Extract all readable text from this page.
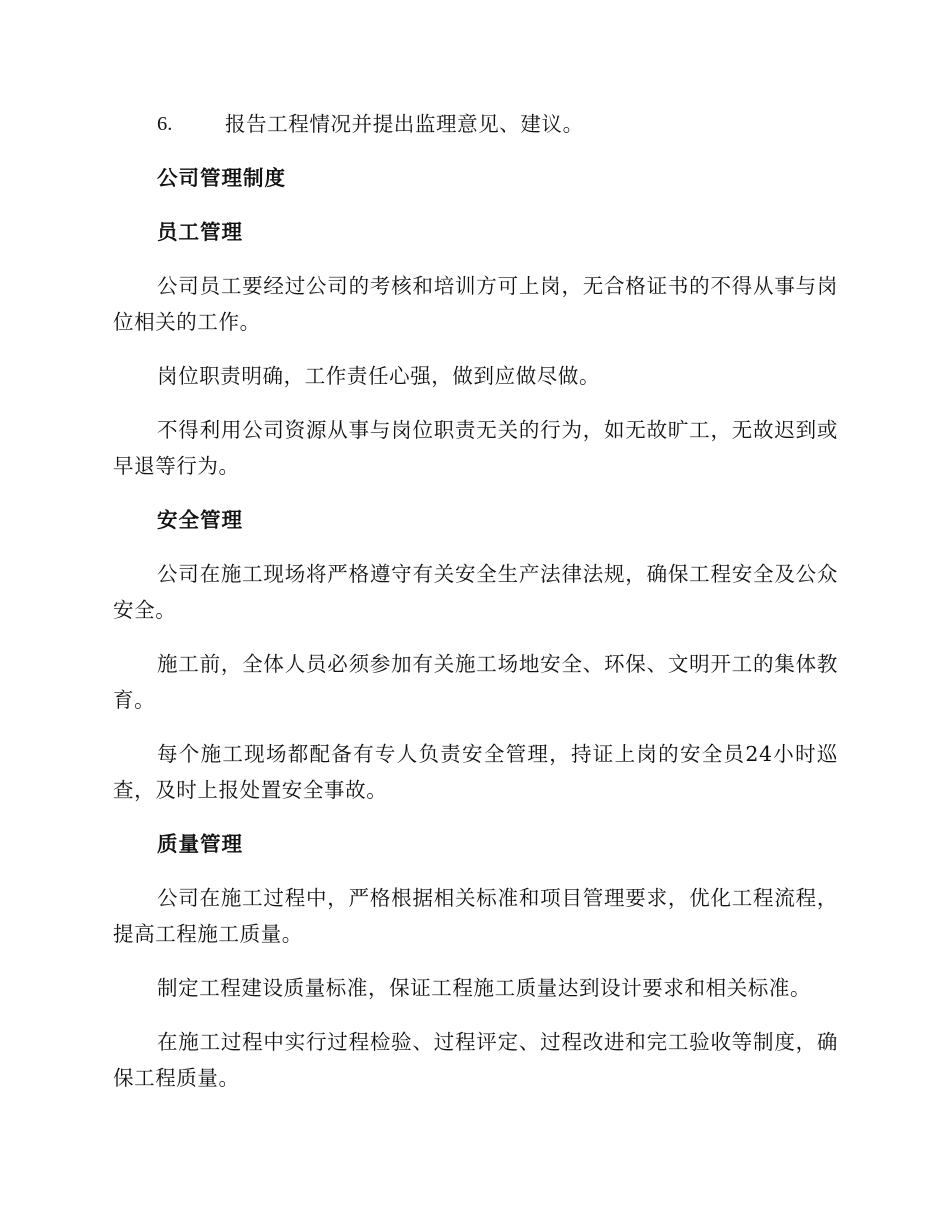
6.	报告工程情况并提出监理意见、建议。
公司管理制度
员工管理

公司员工要经过公司的考核和培训方可上岗，无合格证书的不得从事与岗位相关的工作。

岗位职责明确，工作责任心强，做到应做尽做。

不得利用公司资源从事与岗位职责无关的行为，如无故旷工，无故迟到或早退等行为。

安全管理

公司在施工现场将严格遵守有关安全生产法律法规，确保工程安全及公众安全。

施工前，全体人员必须参加有关施工场地安全、环保、文明开工的集体教育。

每个施工现场都配备有专人负责安全管理，持证上岗的安全员24小时巡查，及时上报处置安全事故。

质量管理

公司在施工过程中，严格根据相关标准和项目管理要求，优化工程流程，提高工程施工质量。

制定工程建设质量标准，保证工程施工质量达到设计要求和相关标准。

在施工过程中实行过程检验、过程评定、过程改进和完工验收等制度，确保工程质量。
